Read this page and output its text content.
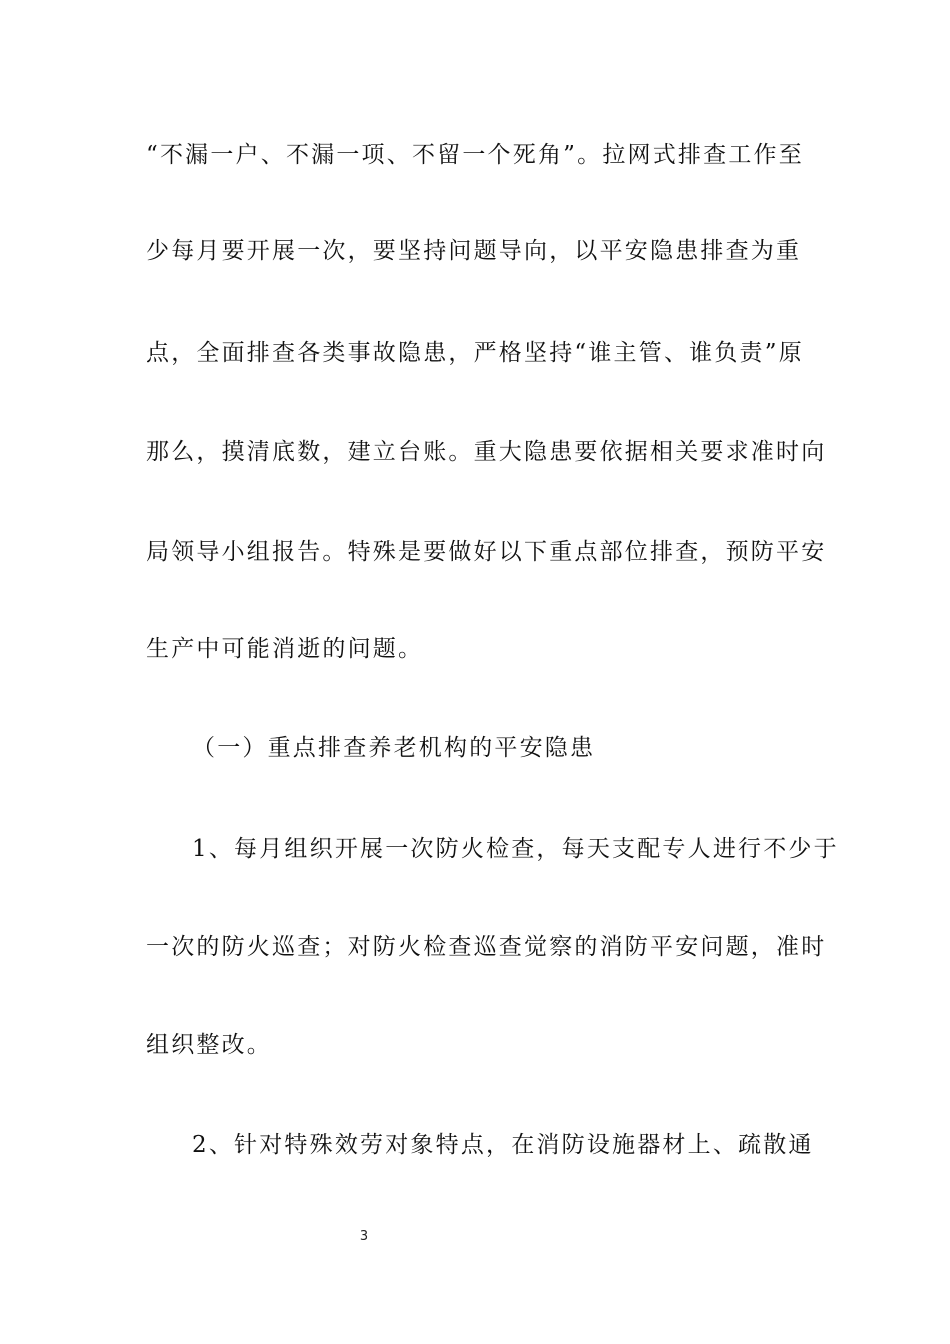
“不漏一户、不漏一项、不留一个死角”。拉网式排查工作至
少每月要开展一次，要坚持问题导向，以平安隐患排查为重
点，全面排查各类事故隐患，严格坚持“谁主管、谁负责”原
那么，摸清底数，建立台账。重大隐患要依据相关要求准时向
局领导小组报告。特殊是要做好以下重点部位排查，预防平安
生产中可能消逝的问题。
（一）重点排查养老机构的平安隐患
1、每月组织开展一次防火检查，每天支配专人进行不少于
一次的防火巡查；对防火检查巡查觉察的消防平安问题，准时
组织整改。
2、针对特殊效劳对象特点，在消防设施器材上、疏散通
3
